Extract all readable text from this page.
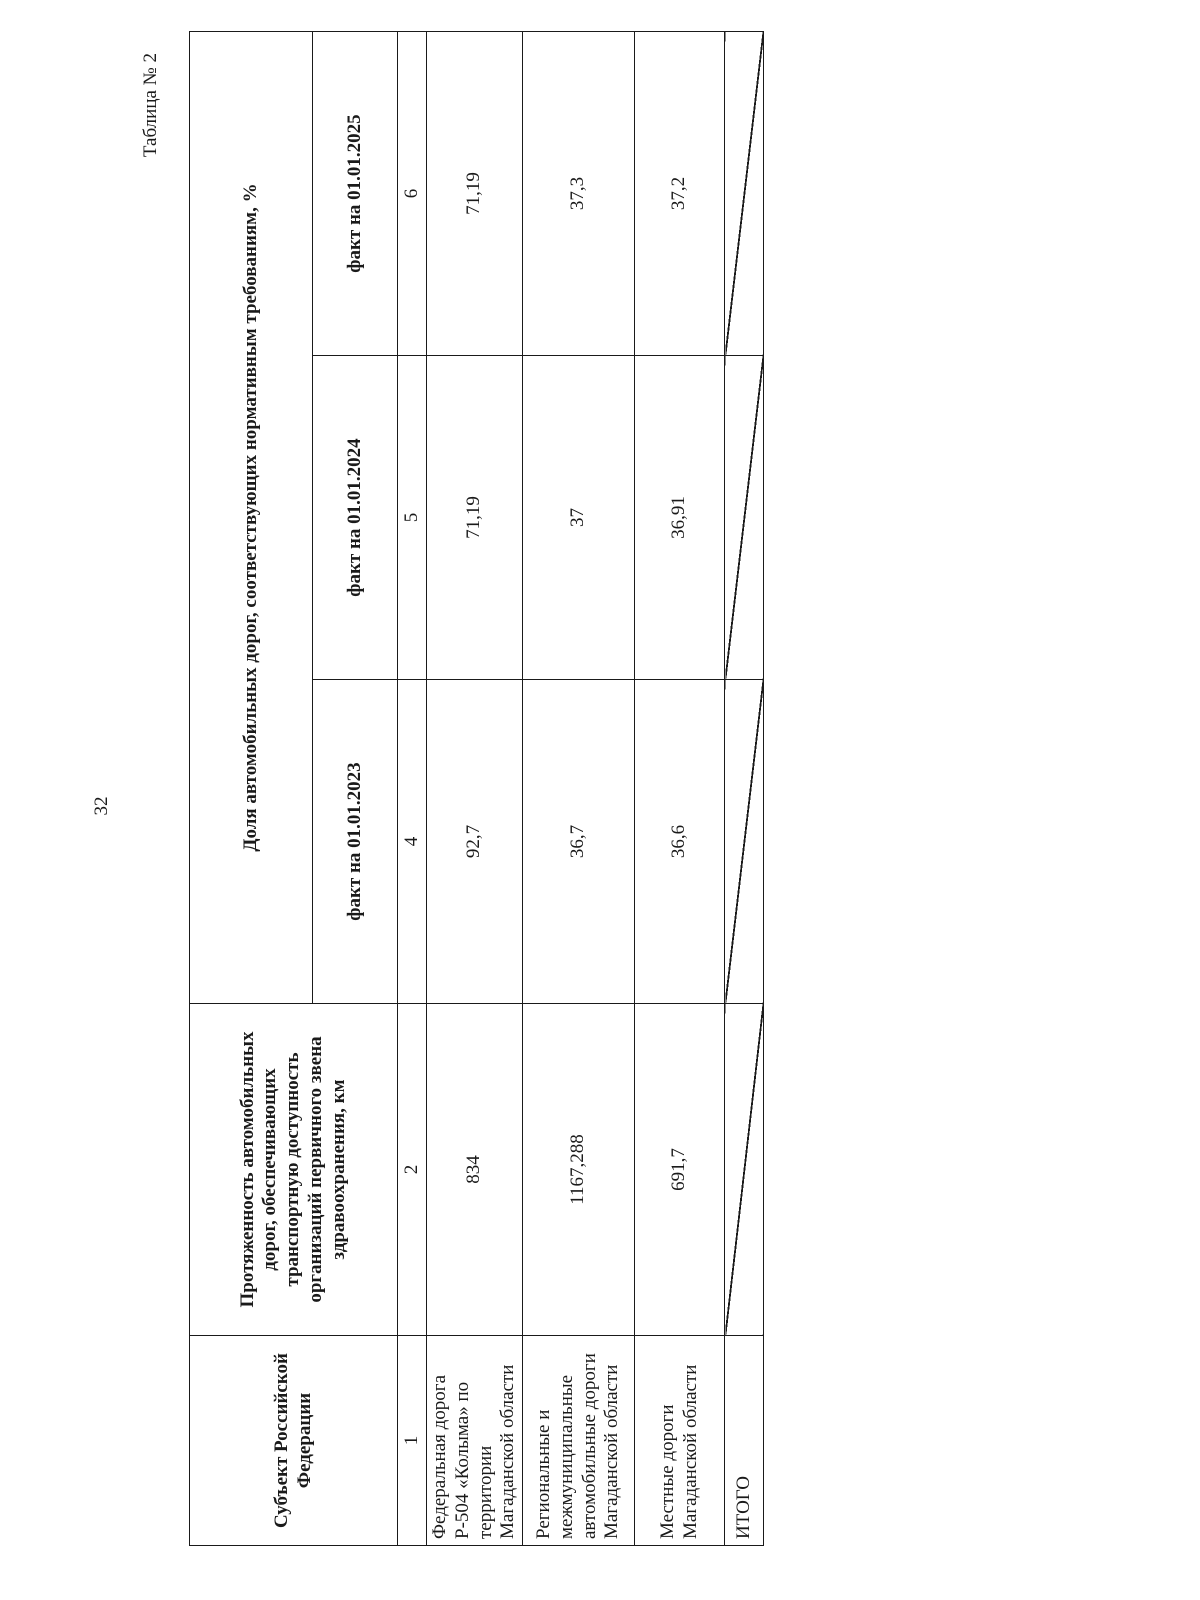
32
Таблица № 2
Субъект Российской Федерации	Протяженность автомобильных дорог, обеспечивающих транспортную доступность организаций первичного звена здравоохранения, км	Доля автомобильных дорог, соответствующих нормативным требованиям, %		
		факт на 01.01.2023	факт на 01.01.2024	факт на 01.01.2025
1	2	4	5	6
Федеральная дорога Р-504 «Колыма» по территории Магаданской области	834	92,7	71,19	71,19
Региональные и межмуниципальные автомобильные дороги Магаданской области	1167,288	36,7	37	37,3
Местные дороги Магаданской области	691,7	36,6	36,91	37,2
ИТОГО				
